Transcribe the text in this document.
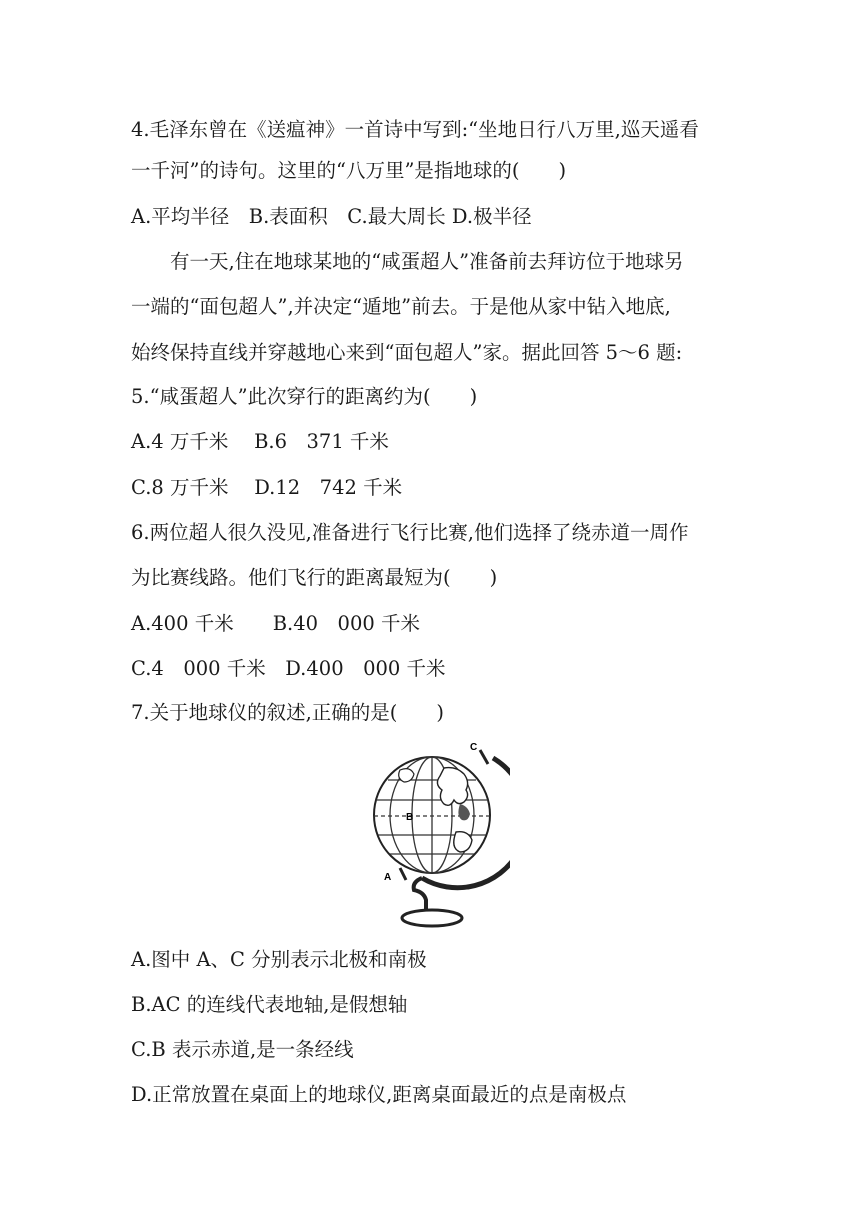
4.毛泽东曾在《送瘟神》一首诗中写到:“坐地日行八万里,巡天遥看

一千河”的诗句。这里的“八万里”是指地球的(　　)

A.平均半径　B.表面积　C.最大周长 D.极半径

有一天,住在地球某地的“咸蛋超人”准备前去拜访位于地球另

一端的“面包超人”,并决定“遁地”前去。于是他从家中钻入地底,

始终保持直线并穿越地心来到“面包超人”家。据此回答 5～6 题:

5.“咸蛋超人”此次穿行的距离约为(　　)

A.4 万千米　 B.6　371 千米

C.8 万千米　 D.12　742 千米

6.两位超人很久没见,准备进行飞行比赛,他们选择了绕赤道一周作

为比赛线路。他们飞行的距离最短为(　　)

A.400 千米　　B.40　000 千米

C.4　000 千米　D.400　000 千米

7.关于地球仪的叙述,正确的是(　　)

C
B
A

A.图中 A、C 分别表示北极和南极

B.AC 的连线代表地轴,是假想轴

C.B 表示赤道,是一条经线

D.正常放置在桌面上的地球仪,距离桌面最近的点是南极点
